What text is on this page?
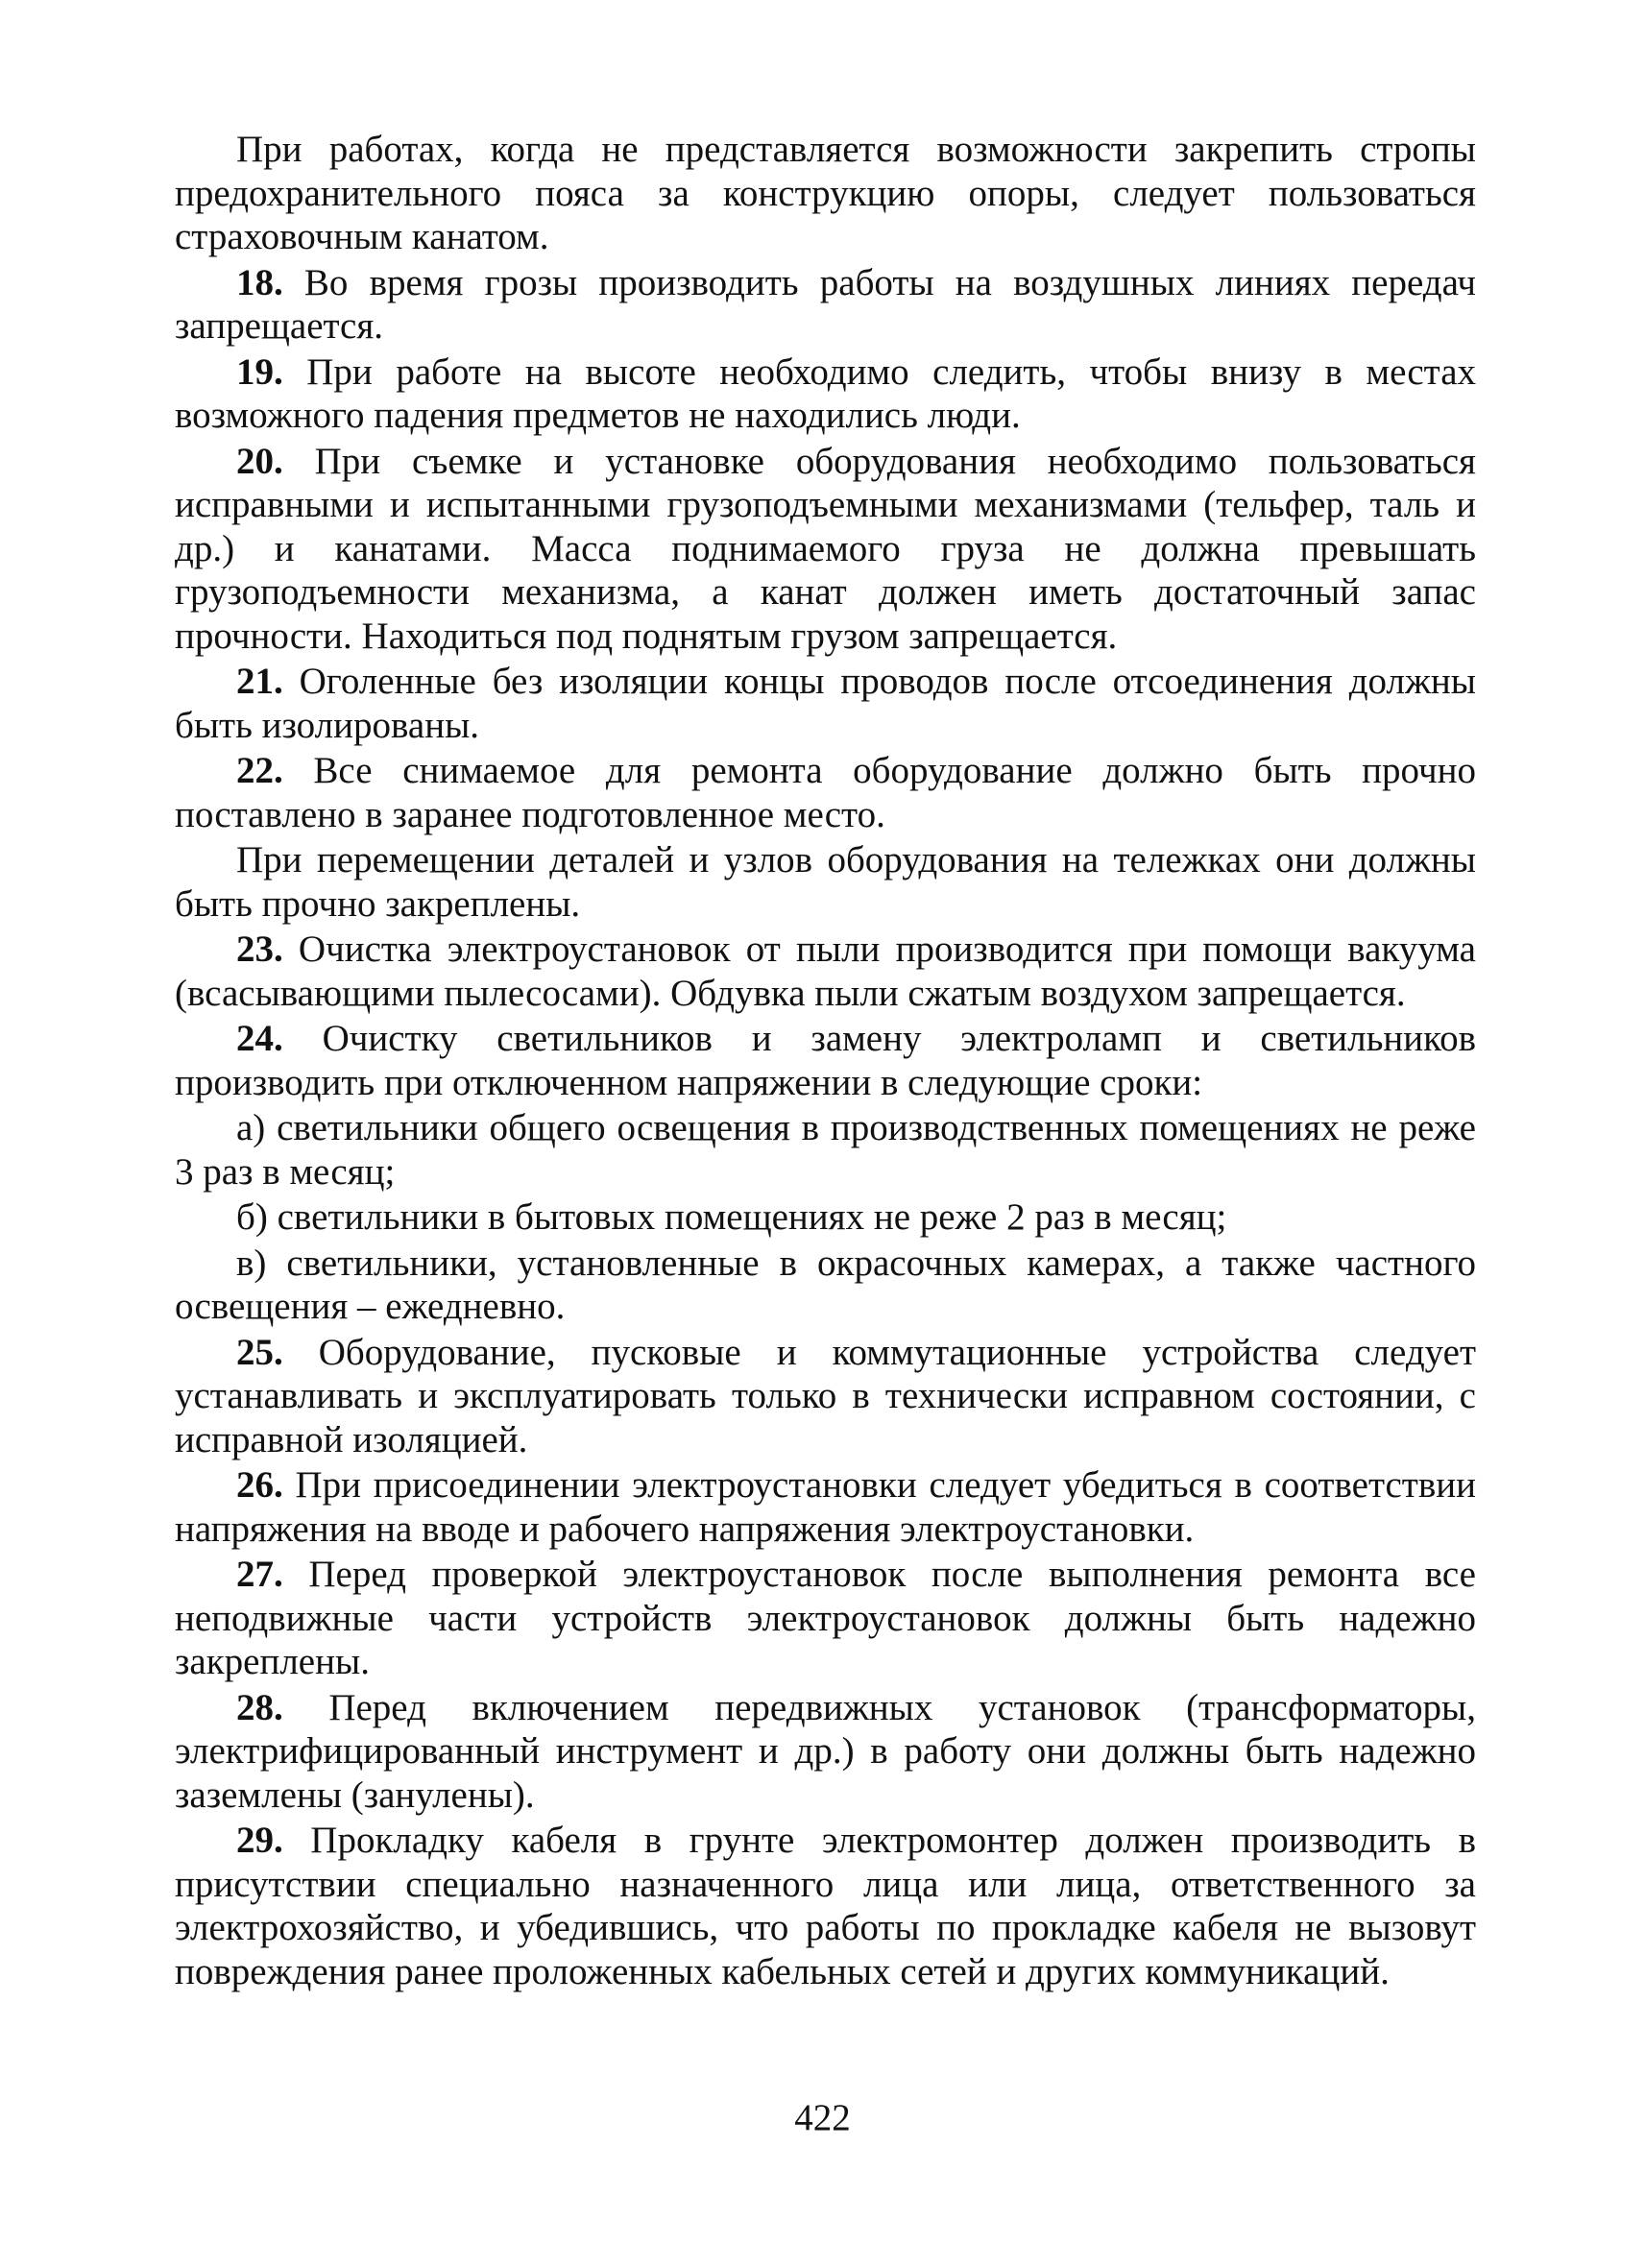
При работах, когда не представляется возможности закрепить стропы предохранительного пояса за конструкцию опоры, следует пользоваться страховочным канатом.

18. Во время грозы производить работы на воздушных линиях передач запрещается.

19. При работе на высоте необходимо следить, чтобы внизу в местах возможного падения предметов не находились люди.

20. При съемке и установке оборудования необходимо пользоваться исправными и испытанными грузоподъемными механизмами (тельфер, таль и др.) и канатами. Масса поднимаемого груза не должна превышать грузоподъемности механизма, а канат должен иметь достаточный запас прочности. Находиться под поднятым грузом запрещается.

21. Оголенные без изоляции концы проводов после отсоединения должны быть изолированы.

22. Все снимаемое для ремонта оборудование должно быть прочно поставлено в заранее подготовленное место.

При перемещении деталей и узлов оборудования на тележках они должны быть прочно закреплены.

23. Очистка электроустановок от пыли производится при помощи вакуума (всасывающими пылесосами). Обдувка пыли сжатым воздухом запрещается.

24. Очистку светильников и замену электроламп и светильников производить при отключенном напряжении в следующие сроки:

а) светильники общего освещения в производственных помещениях не реже 3 раз в месяц;

б) светильники в бытовых помещениях не реже 2 раз в месяц;

в) светильники, установленные в окрасочных камерах, а также частного освещения – ежедневно.

25. Оборудование, пусковые и коммутационные устройства следует устанавливать и эксплуатировать только в технически исправном состоянии, с исправной изоляцией.

26. При присоединении электроустановки следует убедиться в соответствии напряжения на вводе и рабочего напряжения электроустановки.

27. Перед проверкой электроустановок после выполнения ремонта все неподвижные части устройств электроустановок должны быть надежно закреплены.

28. Перед включением передвижных установок (трансформаторы, электрифицированный инструмент и др.) в работу они должны быть надежно заземлены (занулены).

29. Прокладку кабеля в грунте электромонтер должен производить в присутствии специально назначенного лица или лица, ответственного за электрохозяйство, и убедившись, что работы по прокладке кабеля не вызовут повреждения ранее проложенных кабельных сетей и других коммуникаций.

422
